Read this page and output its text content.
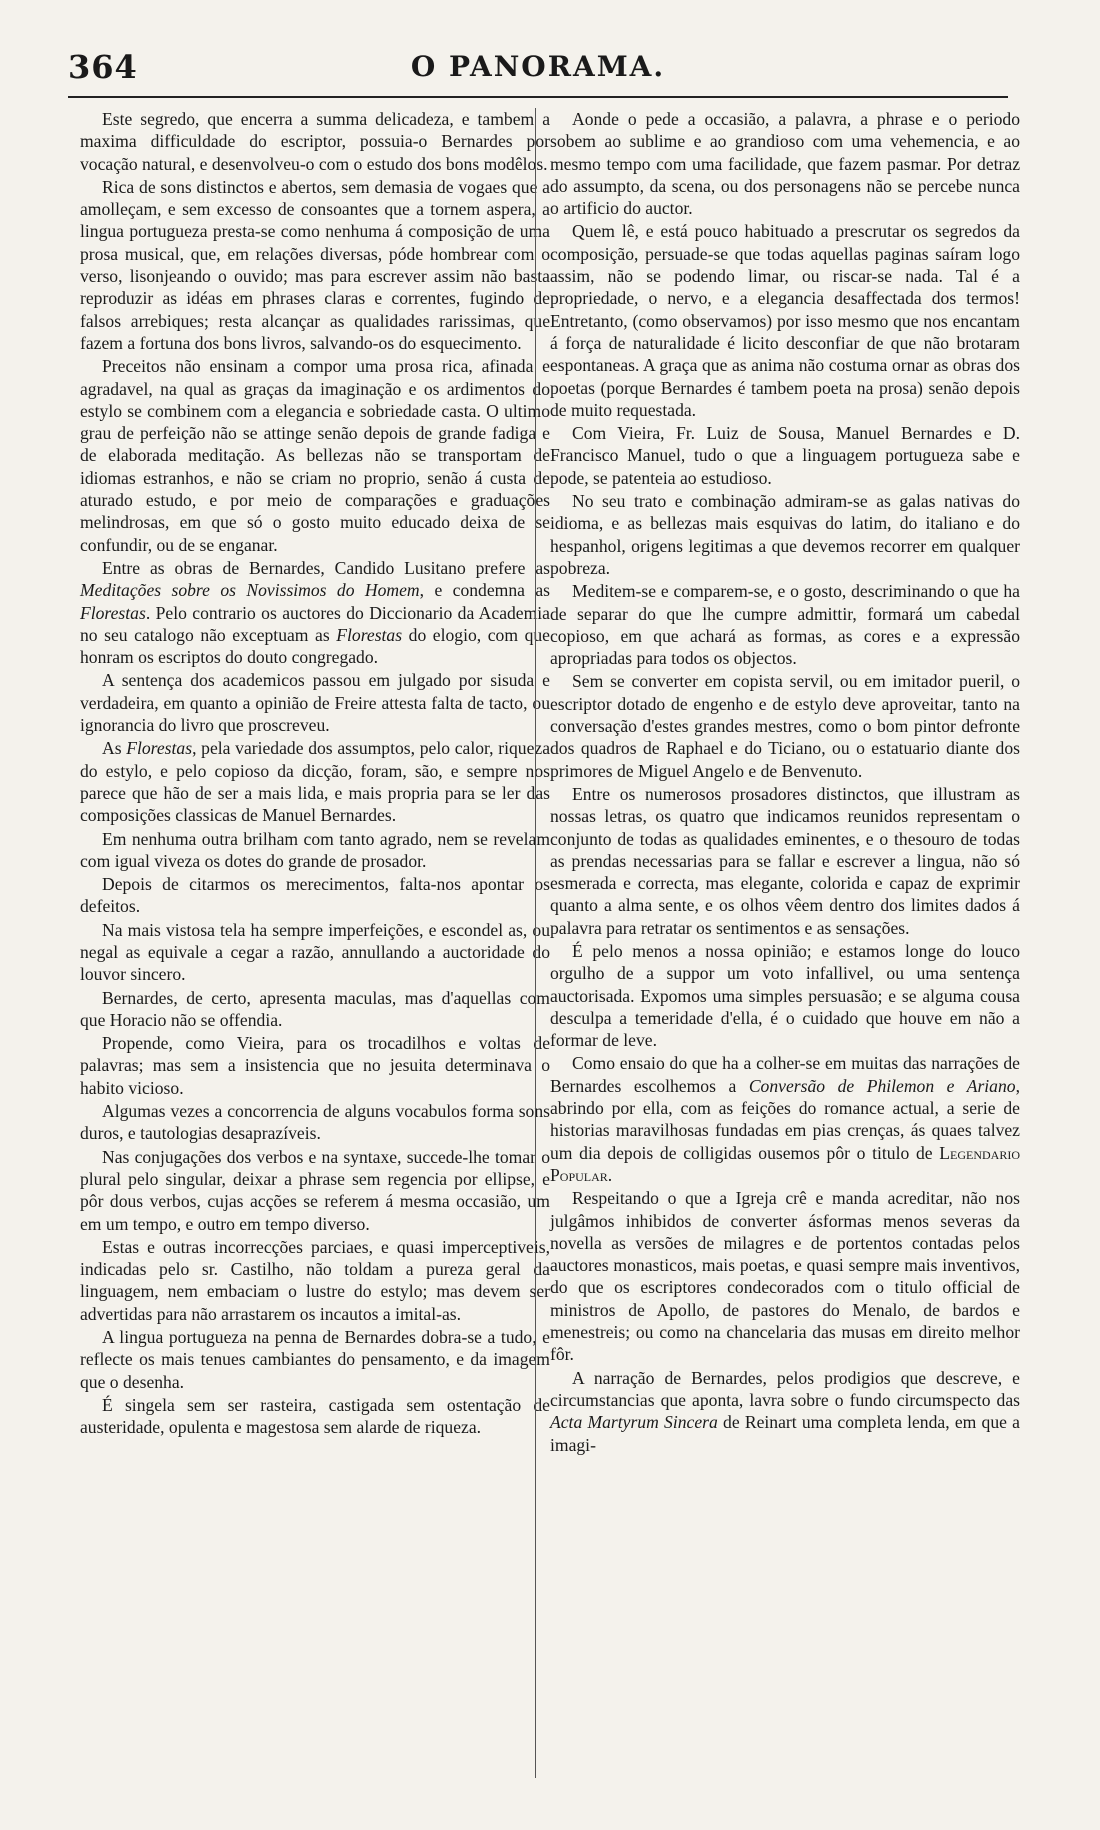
364	O PANORAMA.

Este segredo, que encerra a summa delicadeza, e tambem a maxima difficuldade do escriptor, possuia-o Bernardes por vocação natural, e desenvolveu-o com o estudo dos bons modêlos.

Rica de sons distinctos e abertos, sem demasia de vogaes que a amolleçam, e sem excesso de consoantes que a tornem aspera, a lingua portugueza presta-se como nenhuma á composição de uma prosa musical, que, em relações diversas, póde hombrear com o verso, lisonjeando o ouvido; mas para escrever assim não basta reproduzir as idéas em phrases claras e correntes, fugindo de falsos arrebiques; resta alcançar as qualidades rarissimas, que fazem a fortuna dos bons livros, salvando-os do esquecimento.

Preceitos não ensinam a compor uma prosa rica, afinada e agradavel, na qual as graças da imaginação e os ardimentos do estylo se combinem com a elegancia e sobriedade casta. O ultimo grau de perfeição não se attinge senão depois de grande fadiga e de elaborada meditação. As bellezas não se transportam de idiomas estranhos, e não se criam no proprio, senão á custa de aturado estudo, e por meio de comparações e graduações melindrosas, em que só o gosto muito educado deixa de se confundir, ou de se enganar.

Entre as obras de Bernardes, Candido Lusitano prefere as Meditações sobre os Novissimos do Homem, e condemna as Florestas. Pelo contrario os auctores do Diccionario da Academia no seu catalogo não exceptuam as Florestas do elogio, com que honram os escriptos do douto congregado.

A sentença dos academicos passou em julgado por sisuda e verdadeira, em quanto a opinião de Freire attesta falta de tacto, ou ignorancia do livro que proscreveu.

As Florestas, pela variedade dos assumptos, pelo calor, riqueza do estylo, e pelo copioso da dicção, foram, são, e sempre nos parece que hão de ser a mais lida, e mais propria para se ler das composições classicas de Manuel Bernardes.

Em nenhuma outra brilham com tanto agrado, nem se revelam com igual viveza os dotes do grande de prosador.

Depois de citarmos os merecimentos, falta-nos apontar os defeitos.

Na mais vistosa tela ha sempre imperfeições, e escondel as, ou negal as equivale a cegar a razão, annullando a auctoridade do louvor sincero.

Bernardes, de certo, apresenta maculas, mas d'aquellas com que Horacio não se offendia.

Propende, como Vieira, para os trocadilhos e voltas de palavras; mas sem a insistencia que no jesuita determinava o habito vicioso.

Algumas vezes a concorrencia de alguns vocabulos forma sons duros, e tautologias desaprazíveis.

Nas conjugações dos verbos e na syntaxe, succede-lhe tomar o plural pelo singular, deixar a phrase sem regencia por ellipse, e pôr dous verbos, cujas acções se referem á mesma occasião, um em um tempo, e outro em tempo diverso.

Estas e outras incorrecções parciaes, e quasi imperceptiveis, indicadas pelo sr. Castilho, não toldam a pureza geral da linguagem, nem embaciam o lustre do estylo; mas devem ser advertidas para não arrastarem os incautos a imital-as.

A lingua portugueza na penna de Bernardes dobra-se a tudo, e reflecte os mais tenues cambiantes do pensamento, e da imagem que o desenha.

É singela sem ser rasteira, castigada sem ostentação de austeridade, opulenta e magestosa sem alarde de riqueza.

Aonde o pede a occasião, a palavra, a phrase e o periodo sobem ao sublime e ao grandioso com uma vehemencia, e ao mesmo tempo com uma facilidade, que fazem pasmar. Por detraz do assumpto, da scena, ou dos personagens não se percebe nunca o artificio do auctor.

Quem lê, e está pouco habituado a prescrutar os segredos da composição, persuade-se que todas aquellas paginas saíram logo assim, não se podendo limar, ou riscar-se nada. Tal é a propriedade, o nervo, e a elegancia desaffectada dos termos! Entretanto, (como observamos) por isso mesmo que nos encantam á força de naturalidade é licito desconfiar de que não brotaram espontaneas. A graça que as anima não costuma ornar as obras dos poetas (porque Bernardes é tambem poeta na prosa) senão depois de muito requestada.

Com Vieira, Fr. Luiz de Sousa, Manuel Bernardes e D. Francisco Manuel, tudo o que a linguagem portugueza sabe e pode, se patenteia ao estudioso.

No seu trato e combinação admiram-se as galas nativas do idioma, e as bellezas mais esquivas do latim, do italiano e do hespanhol, origens legitimas a que devemos recorrer em qualquer pobreza.

Meditem-se e comparem-se, e o gosto, descriminando o que ha de separar do que lhe cumpre admittir, formará um cabedal copioso, em que achará as formas, as cores e a expressão apropriadas para todos os objectos.

Sem se converter em copista servil, ou em imitador pueril, o escriptor dotado de engenho e de estylo deve aproveitar, tanto na conversação d'estes grandes mestres, como o bom pintor defronte dos quadros de Raphael e do Ticiano, ou o estatuario diante dos primores de Miguel Angelo e de Benvenuto.

Entre os numerosos prosadores distinctos, que illustram as nossas letras, os quatro que indicamos reunidos representam o conjunto de todas as qualidades eminentes, e o thesouro de todas as prendas necessarias para se fallar e escrever a lingua, não só esmerada e correcta, mas elegante, colorida e capaz de exprimir quanto a alma sente, e os olhos vêem dentro dos limites dados á palavra para retratar os sentimentos e as sensações.

É pelo menos a nossa opinião; e estamos longe do louco orgulho de a suppor um voto infallivel, ou uma sentença auctorisada. Expomos uma simples persuasão; e se alguma cousa desculpa a temeridade d'ella, é o cuidado que houve em não a formar de leve.

Como ensaio do que ha a colher-se em muitas das narrações de Bernardes escolhemos a Conversão de Philemon e Ariano, abrindo por ella, com as feições do romance actual, a serie de historias maravilhosas fundadas em pias crenças, ás quaes talvez um dia depois de colligidas ousemos pôr o titulo de Legendario Popular.

Respeitando o que a Igreja crê e manda acreditar, não nos julgâmos inhibidos de converter ásformas menos severas da novella as versões de milagres e de portentos contadas pelos auctores monasticos, mais poetas, e quasi sempre mais inventivos, do que os escriptores condecorados com o titulo official de ministros de Apollo, de pastores do Menalo, de bardos e menestreis; ou como na chancelaria das musas em direito melhor fôr.

A narração de Bernardes, pelos prodigios que descreve, e circumstancias que aponta, lavra sobre o fundo circumspecto das Acta Martyrum Sincera de Reinart uma completa lenda, em que a imagi-
